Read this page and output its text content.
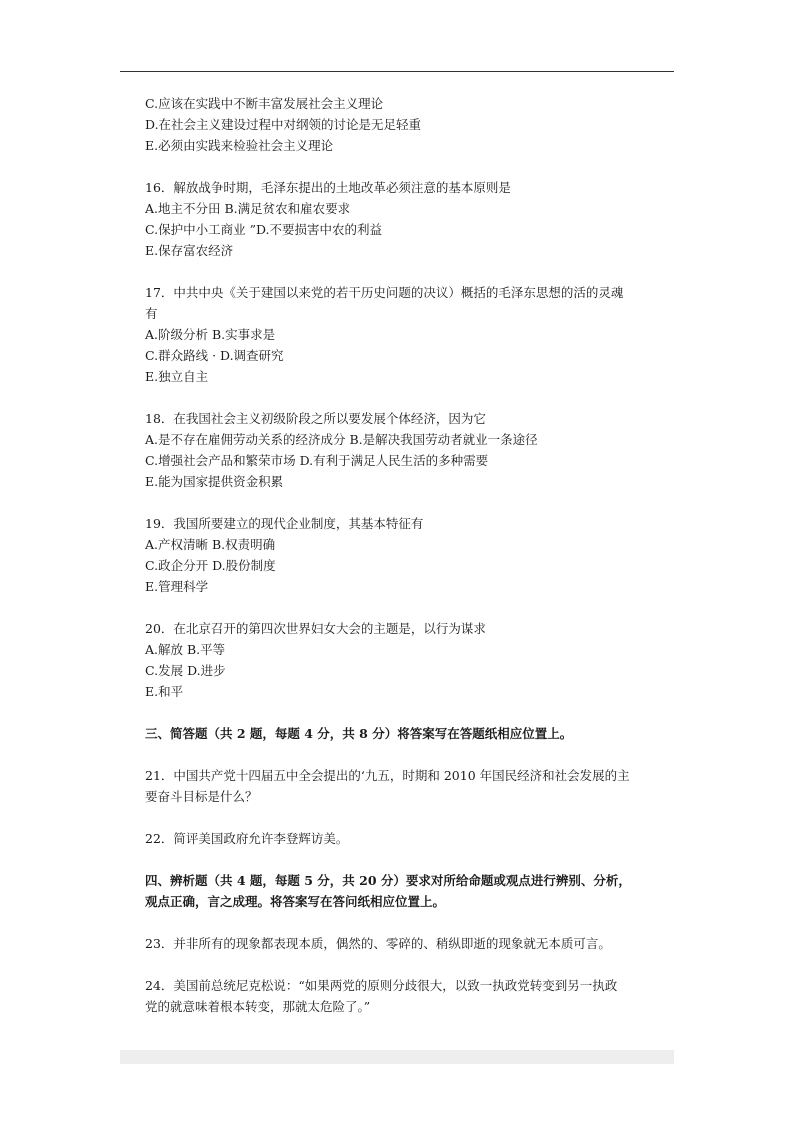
C.应该在实践中不断丰富发展社会主义理论
D.在社会主义建设过程中对纲领的讨论是无足轻重
E.必须由实践来检验社会主义理论
16．解放战争时期，毛泽东提出的土地改革必须注意的基本原则是
A.地主不分田 B.满足贫农和雇农要求
C.保护中小工商业 ”D.不要损害中农的利益
E.保存富农经济
17．中共中央《关于建国以来党的若干历史问题的决议）概括的毛泽东思想的活的灵魂
有
A.阶级分析 B.实事求是
C.群众路线 · D.调查研究
E.独立自主
18．在我国社会主义初级阶段之所以要发展个体经济，因为它
A.是不存在雇佣劳动关系的经济成分 B.是解决我国劳动者就业一条途径
C.增强社会产品和繁荣市场 D.有利于满足人民生活的多种需要
E.能为国家提供资金积累
19．我国所要建立的现代企业制度，其基本特征有
A.产权清晰 B.权责明确
C.政企分开 D.股份制度
E.管理科学
20．在北京召开的第四次世界妇女大会的主题是，以行为谋求
A.解放 B.平等
C.发展 D.进步
E.和平
三、简答题（共 2 题，每题 4 分，共 8 分）将答案写在答题纸相应位置上。
21．中国共产党十四届五中全会提出的‘九五，时期和 2010 年国民经济和社会发展的主
要奋斗目标是什么？
22．简评美国政府允许李登辉访美。
四、辨析题（共 4 题，每题 5 分，共 20 分）要求对所给命题或观点进行辨别、分析，
观点正确，言之成理。将答案写在答问纸相应位置上。
23．并非所有的现象都表现本质，偶然的、零碎的、稍纵即逝的现象就无本质可言。
24．美国前总统尼克松说：“如果两党的原则分歧很大，以致一执政党转变到另一执政
党的就意味着根本转变，那就太危险了。”
